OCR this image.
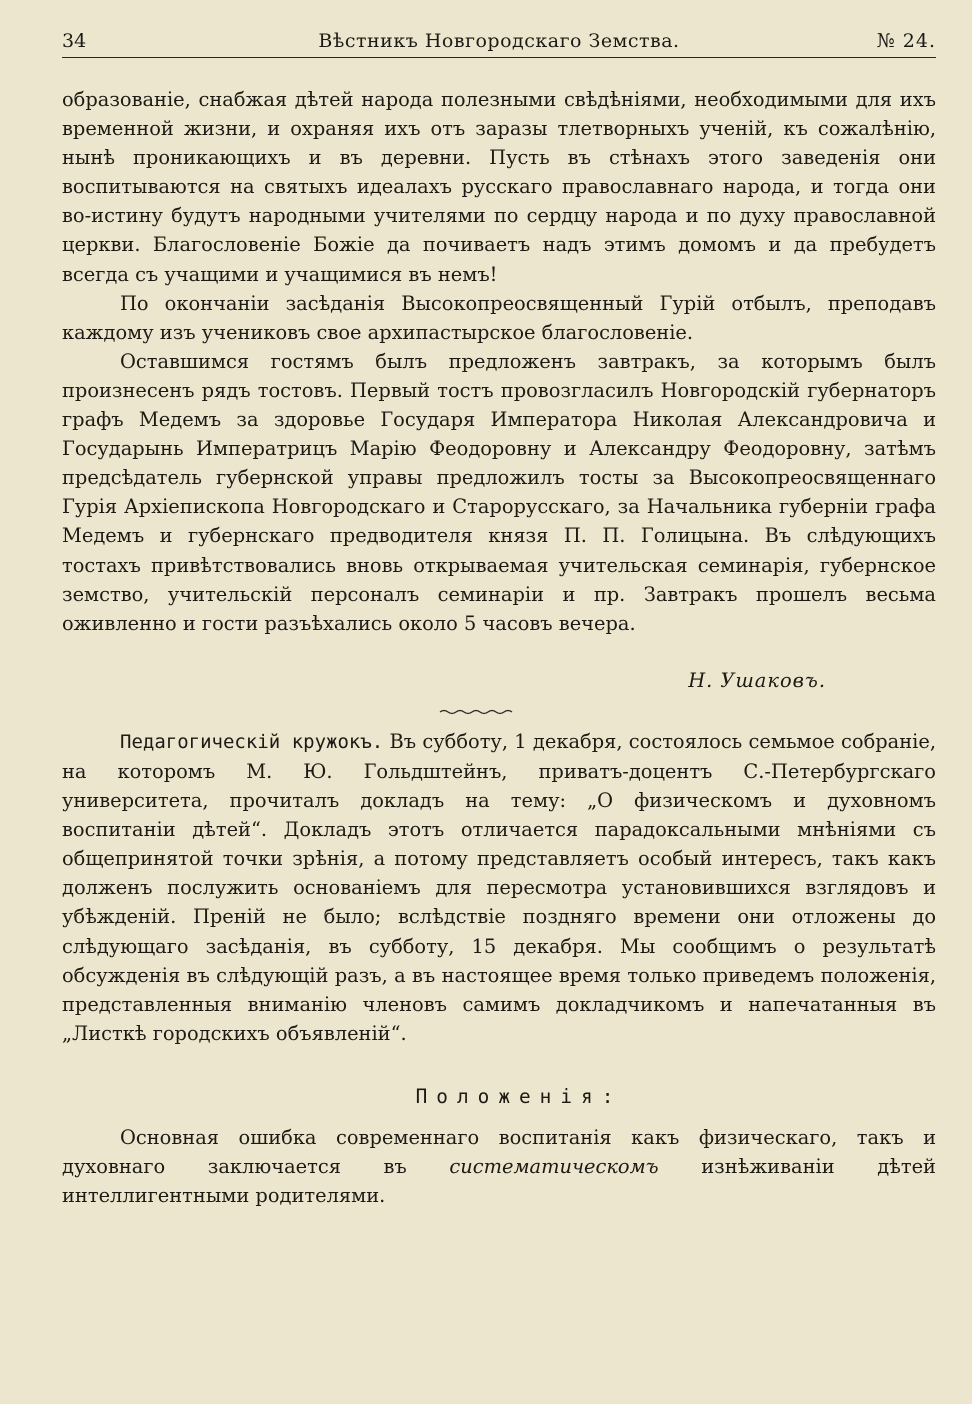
34	Вѣстникъ Новгородскаго Земства.	№ 24.

образованіе, снабжая дѣтей народа полезными свѣдѣніями, необходимыми для ихъ временной жизни, и охраняя ихъ отъ заразы тлетворныхъ ученій, къ сожалѣнію, нынѣ проникающихъ и въ деревни. Пусть въ стѣнахъ этого заведенія они воспитываются на святыхъ идеалахъ русскаго православнаго народа, и тогда они во-истину будутъ народными учителями по сердцу народа и по духу православной церкви. Благословеніе Божіе да почиваетъ надъ этимъ домомъ и да пребудетъ всегда съ учащими и учащимися въ немъ!

По окончаніи засѣданія Высокопреосвященный Гурій отбылъ, преподавъ каждому изъ учениковъ свое архипастырское благословеніе.

Оставшимся гостямъ былъ предложенъ завтракъ, за которымъ былъ произнесенъ рядъ тостовъ. Первый тостъ провозгласилъ Новгородскій губернаторъ графъ Медемъ за здоровье Государя Императора Николая Александровича и Государынь Императрицъ Марію Феодоровну и Александру Феодоровну, затѣмъ предсѣдатель губернской управы предложилъ тосты за Высокопреосвященнаго Гурія Архіепископа Новгородскаго и Старорусскаго, за Начальника губерніи графа Медемъ и губернскаго предводителя князя П. П. Голицына. Въ слѣдующихъ тостахъ привѣтствовались вновь открываемая учительская семинарія, губернское земство, учительскій персоналъ семинаріи и пр. Завтракъ прошелъ весьма оживленно и гости разъѣхались около 5 часовъ вечера.

Н. Ушаковъ.

Педагогическій кружокъ. Въ субботу, 1 декабря, состоялось семьмое собраніе, на которомъ М. Ю. Гольдштейнъ, приватъ-доцентъ С.-Петербургскаго университета, прочиталъ докладъ на тему: „О физическомъ и духовномъ воспитаніи дѣтей“. Докладъ этотъ отличается парадоксальными мнѣніями съ общепринятой точки зрѣнія, а потому представляетъ особый интересъ, такъ какъ долженъ послужить основаніемъ для пересмотра установившихся взглядовъ и убѣжденій. Преній не было; вслѣдствіе поздняго времени они отложены до слѣдующаго засѣданія, въ субботу, 15 декабря. Мы сообщимъ о результатѣ обсужденія въ слѣдующій разъ, а въ настоящее время только приведемъ положенія, представленныя вниманію членовъ самимъ докладчикомъ и напечатанныя въ „Листкѣ городскихъ объявленій“.

Положенія:

Основная ошибка современнаго воспитанія какъ физическаго, такъ и духовнаго заключается въ систематическомъ изнѣживаніи дѣтей интеллигентными родителями.
